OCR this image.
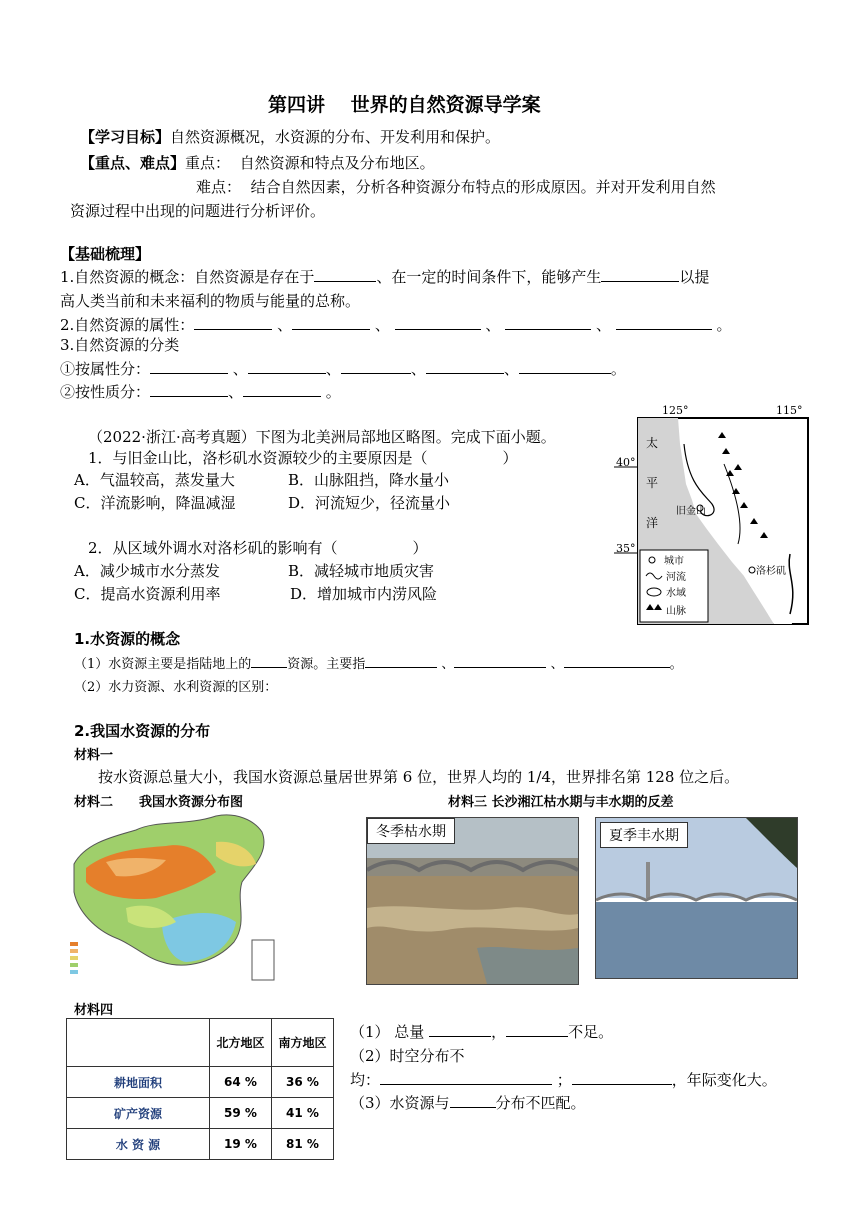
第四讲　 世界的自然资源导学案
【学习目标】自然资源概况，水资源的分布、开发利用和保护。
【重点、难点】重点： 自然资源和特点及分布地区。
难点： 结合自然因素，分析各种资源分布特点的形成原因。并对开发利用自然
资源过程中出现的问题进行分析评价。
【基础梳理】
1.自然资源的概念：自然资源是存在于	、在一定的时间条件下，能够产生	以提
高人类当前和未来福利的物质与能量的总称。
2.自然资源的属性：	、	、	、	、	。
3.自然资源的分类
①按属性分：	、	、	、	、	。
②按性质分：	、	。
（2022·浙江·高考真题）下图为北美洲局部地区略图。完成下面小题。
1．与旧金山比，洛杉矶水资源较少的主要原因是（　　　　　）
A．气温较高，蒸发量大	B．山脉阻挡，降水量小
C．洋流影响，降温减湿	D．河流短少，径流量小
2．从区域外调水对洛杉矶的影响有（　　　　　）
A．减少城市水分蒸发	B．减轻城市地质灾害
C．提高水资源利用率	D．增加城市内涝风险
125°	115°
40°
35°
太
平
洋
旧金山
洛杉矶
城市
河流
水域
山脉
1.水资源的概念
（1）水资源主要是指陆地上的	资源。主要指	、	、	。
（2）水力资源、水利资源的区别：
2.我国水资源的分布
材料一
按水资源总量大小，我国水资源总量居世界第 6 位，世界人均的 1/4，世界排名第 128 位之后。
材料二　　我国水资源分布图	材料三 长沙湘江枯水期与丰水期的反差
冬季枯水期	夏季丰水期
材料四
	北方地区	南方地区
耕地面积	64 %	36 %
矿产资源	59 %	41 %
水 资 源	19 %	81 %
（1） 总量	，	不足。
（2）时空分布不
均：	；	，年际变化大。
（3）水资源与	分布不匹配。
